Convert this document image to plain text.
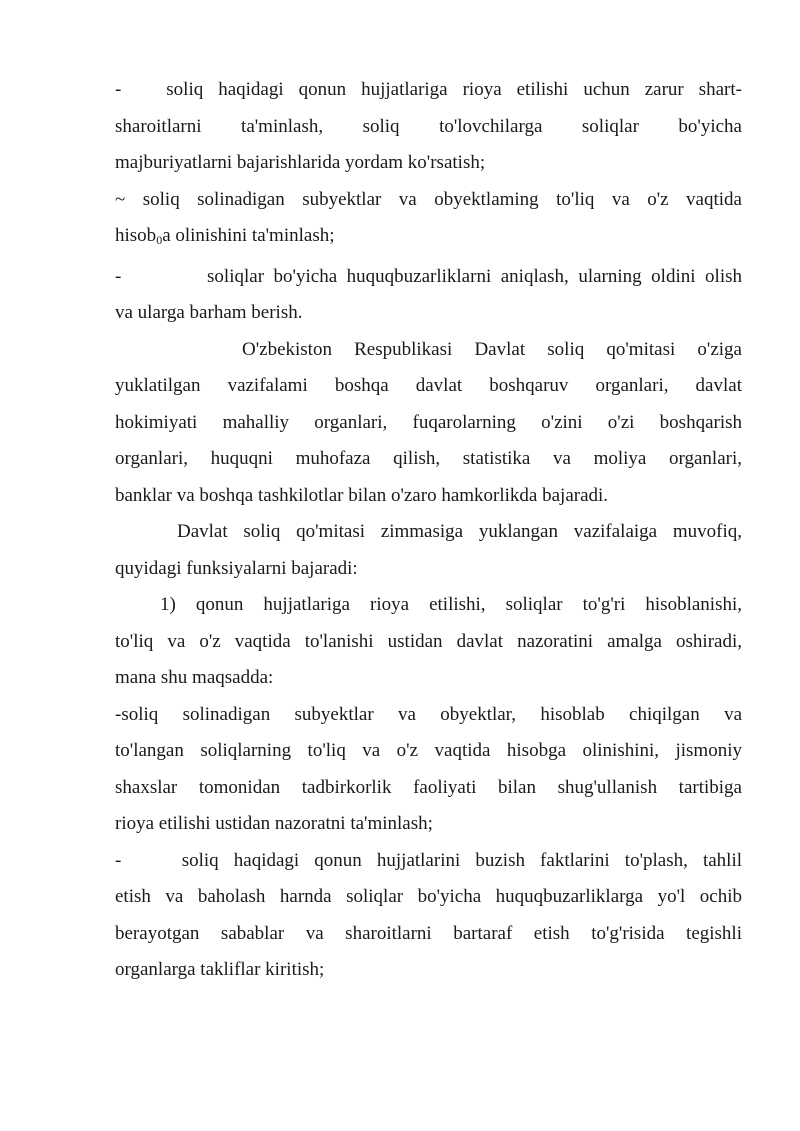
-      soliq  haqidagi  qonun  hujjatlariga  rioya  etilishi  uchun  zarur  shart-
sharoitlarni      ta'minlash,      soliq      to'lovchilarga      soliqlar      bo'yicha
majburiyatlarni bajarishlarida yordam ko'rsatish;
~  soliq  solinadigan  subyektlar  va  obyektlaming  to'liq  va  o'z  vaqtida
hisob$_0$a olinishini ta'minlash;
-         soliqlar bo'yicha huquqbuzarliklarni aniqlash, ularning oldini olish
va ularga barham berish.
O'zbekiston  Respublikasi  Davlat  soliq  qo'mitasi  o'ziga
yuklatilgan  vazifalami  boshqa  davlat  boshqaruv  organlari,  davlat
hokimiyati  mahalliy  organlari,  fuqarolarning  o'zini  o'zi  boshqarish
organlari,  huquqni  muhofaza  qilish,  statistika  va  moliya  organlari,
banklar va boshqa tashkilotlar bilan o'zaro hamkorlikda bajaradi.
Davlat soliq qo'mitasi zimmasiga yuklangan vazifalaiga muvofiq,
quyidagi funksiyalarni bajaradi:
1)  qonun  hujjatlariga  rioya  etilishi,  soliqlar  to'g'ri  hisoblanishi,
to'liq va o'z vaqtida to'lanishi ustidan davlat nazoratini amalga oshiradi,
mana shu maqsadda:
-soliq  solinadigan  subyektlar  va  obyektlar,  hisoblab  chiqilgan  va
to'langan  soliqlarning  to'liq  va  o'z  vaqtida  hisobga  olinishini,  jismoniy
shaxslar  tomonidan  tadbirkorlik  faoliyati  bilan  shug'ullanish  tartibiga
rioya etilishi ustidan nazoratni ta'minlash;
-        soliq  haqidagi  qonun  hujjatlarini  buzish  faktlarini  to'plash,  tahlil
etish va baholash harnda soliqlar bo'yicha huquqbuzarliklarga yo'l ochib
berayotgan  sabablar  va  sharoitlarni  bartaraf  etish  to'g'risida  tegishli
organlarga takliflar kiritish;
